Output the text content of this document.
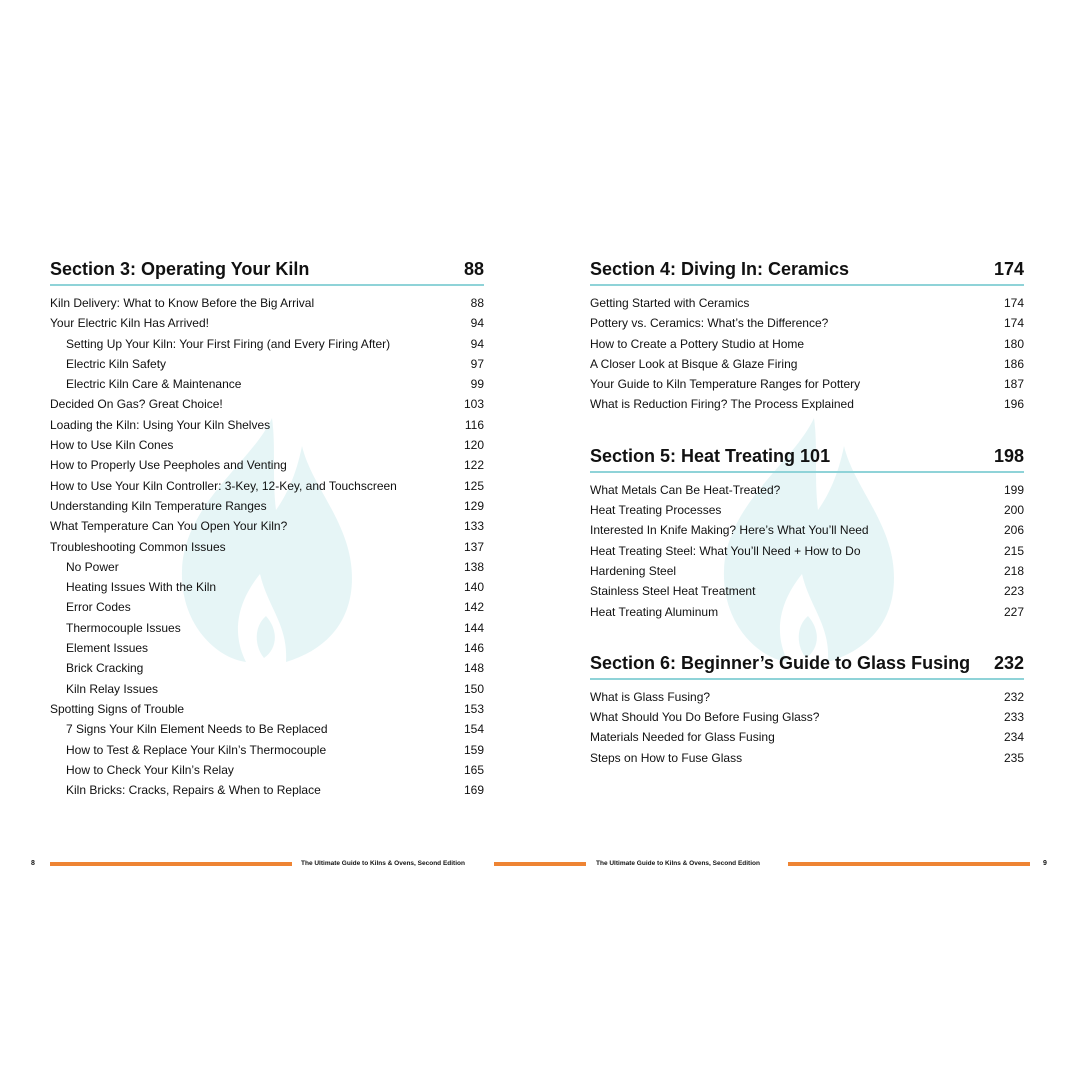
Section 3: Operating Your Kiln	88
Kiln Delivery: What to Know Before the Big Arrival	88
Your Electric Kiln Has Arrived!	94
Setting Up Your Kiln: Your First Firing (and Every Firing After)	94
Electric Kiln Safety	97
Electric Kiln Care & Maintenance	99
Decided On Gas? Great Choice!	103
Loading the Kiln: Using Your Kiln Shelves	116
How to Use Kiln Cones	120
How to Properly Use Peepholes and Venting	122
How to Use Your Kiln Controller: 3-Key, 12-Key, and Touchscreen	125
Understanding Kiln Temperature Ranges	129
What Temperature Can You Open Your Kiln?	133
Troubleshooting Common Issues	137
No Power	138
Heating Issues With the Kiln	140
Error Codes	142
Thermocouple Issues	144
Element Issues	146
Brick Cracking	148
Kiln Relay Issues	150
Spotting Signs of Trouble	153
7 Signs Your Kiln Element Needs to Be Replaced	154
How to Test & Replace Your Kiln’s Thermocouple	159
How to Check Your Kiln’s Relay	165
Kiln Bricks: Cracks, Repairs & When to Replace	169
Section 4: Diving In: Ceramics	174
Getting Started with Ceramics	174
Pottery vs. Ceramics: What’s the Difference?	174
How to Create a Pottery Studio at Home	180
A Closer Look at Bisque & Glaze Firing	186
Your Guide to Kiln Temperature Ranges for Pottery	187
What is Reduction Firing? The Process Explained	196
Section 5: Heat Treating 101	198
What Metals Can Be Heat-Treated?	199
Heat Treating Processes	200
Interested In Knife Making? Here’s What You’ll Need	206
Heat Treating Steel: What You’ll Need + How to Do	215
Hardening Steel	218
Stainless Steel Heat Treatment	223
Heat Treating Aluminum	227
Section 6: Beginner’s Guide to Glass Fusing 232
What is Glass Fusing?	232
What Should You Do Before Fusing Glass?	233
Materials Needed for Glass Fusing	234
Steps on How to Fuse Glass	235
8	The Ultimate Guide to Kilns & Ovens, Second Edition	The Ultimate Guide to Kilns & Ovens, Second Edition	9
